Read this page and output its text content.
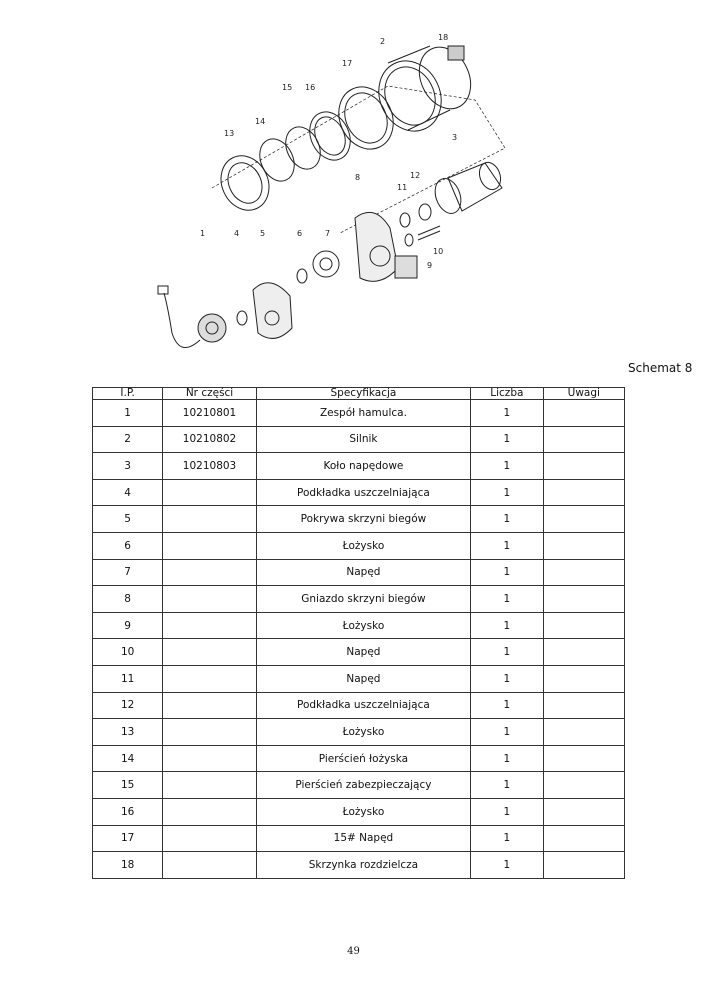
1
2
3
4	5	6	7
8
9
10
11
12
13
14
15 16
17
18
Schemat 8
I.P.	Nr części	Specyfikacja	Liczba	Uwagi
1	10210801	Zespół hamulca.	1	
2	10210802	Silnik	1	
3	10210803	Koło napędowe	1	
4		Podkładka uszczelniająca	1	
5		Pokrywa skrzyni biegów	1	
6		Łożysko	1	
7		Napęd	1	
8		Gniazdo skrzyni biegów	1	
9		Łożysko	1	
10		Napęd	1	
11		Napęd	1	
12		Podkładka uszczelniająca	1	
13		Łożysko	1	
14		Pierścień łożyska	1	
15		Pierścień zabezpieczający	1	
16		Łożysko	1	
17		15# Napęd	1	
18		Skrzynka rozdzielcza	1	
49
